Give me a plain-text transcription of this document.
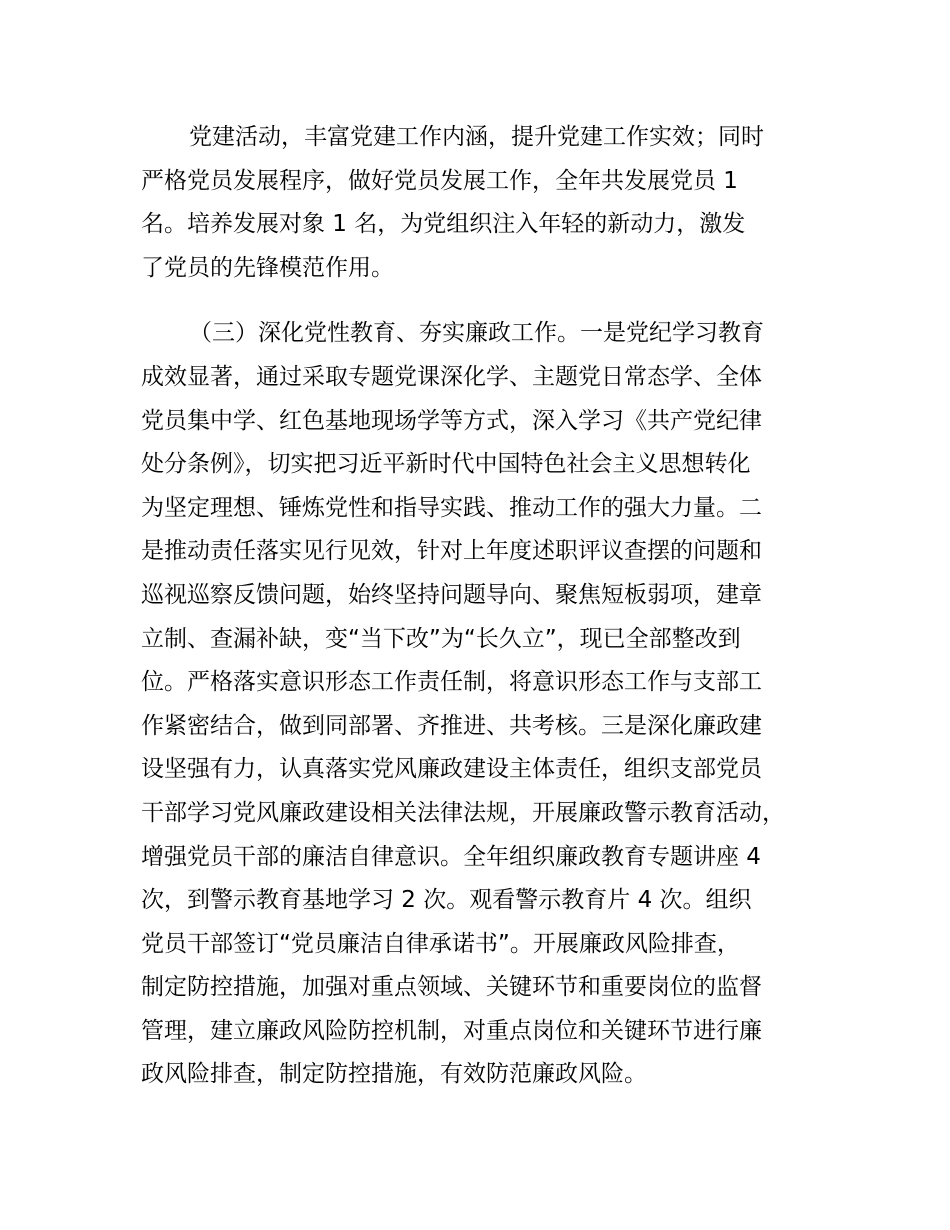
党建活动，丰富党建工作内涵，提升党建工作实效；同时
严格党员发展程序，做好党员发展工作，全年共发展党员 1
名。培养发展对象 1 名，为党组织注入年轻的新动力，激发
了党员的先锋模范作用。
（三）深化党性教育、夯实廉政工作。一是党纪学习教育
成效显著，通过采取专题党课深化学、主题党日常态学、全体
党员集中学、红色基地现场学等方式，深入学习《共产党纪律
处分条例》，切实把习近平新时代中国特色社会主义思想转化
为坚定理想、锤炼党性和指导实践、推动工作的强大力量。二
是推动责任落实见行见效，针对上年度述职评议查摆的问题和
巡视巡察反馈问题，始终坚持问题导向、聚焦短板弱项，建章
立制、查漏补缺，变“当下改”为“长久立”，现已全部整改到
位。严格落实意识形态工作责任制，将意识形态工作与支部工
作紧密结合，做到同部署、齐推进、共考核。三是深化廉政建
设坚强有力，认真落实党风廉政建设主体责任，组织支部党员
干部学习党风廉政建设相关法律法规，开展廉政警示教育活动，
增强党员干部的廉洁自律意识。全年组织廉政教育专题讲座 4
次，到警示教育基地学习 2 次。观看警示教育片 4 次。组织
党员干部签订“党员廉洁自律承诺书”。开展廉政风险排查，
制定防控措施，加强对重点领域、关键环节和重要岗位的监督
管理，建立廉政风险防控机制，对重点岗位和关键环节进行廉
政风险排查，制定防控措施，有效防范廉政风险。
